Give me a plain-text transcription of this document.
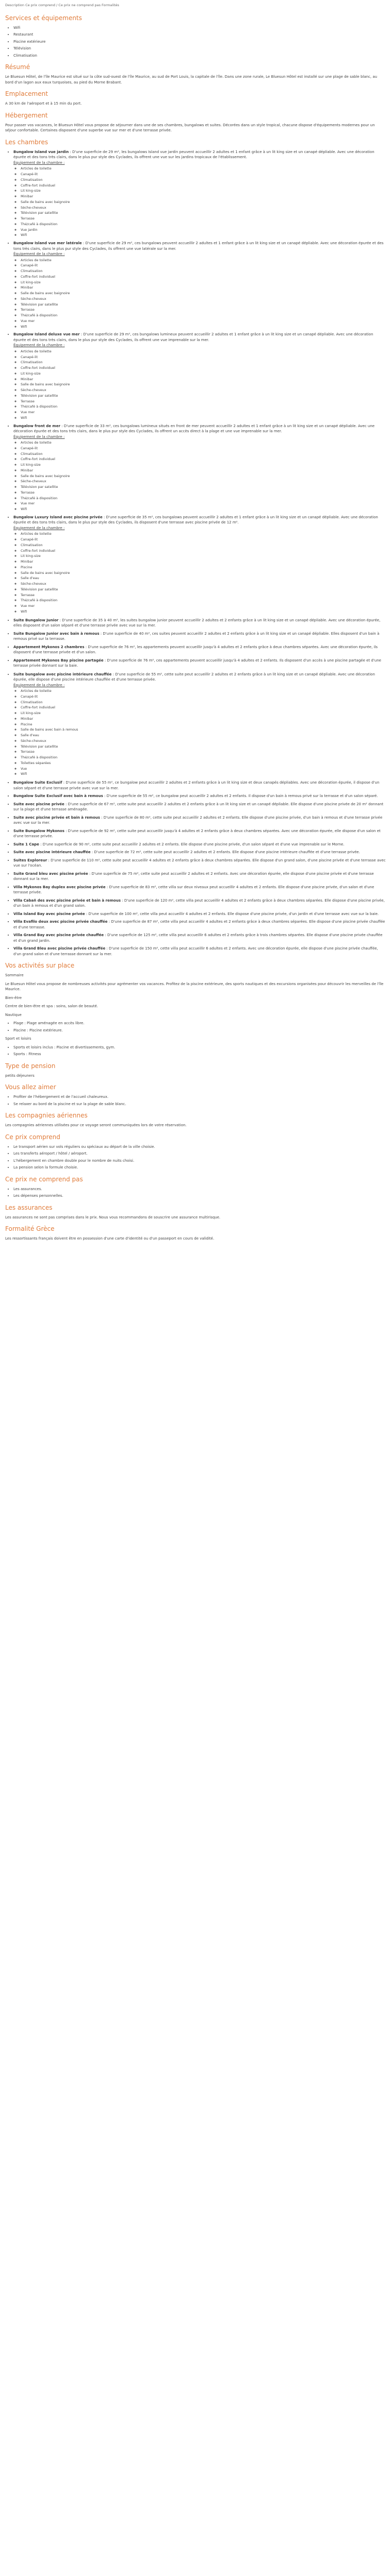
Description Ce prix comprend / Ce prix ne comprend pas Formalités
Services et équipements
• Wifi
• Restaurant
• Piscine extérieure
• Télévision
• Climatisation
Résumé

Le Bluesun Hôtel, de l'île Maurice est situé sur la côte sud-ouest de l'île Maurice, au sud de Port Louis, la capitale de l'île. Dans une zone rurale, Le Bluesun Hôtel est installé sur une plage de sable blanc, au bord d'un lagon aux eaux turquoises, au pied du Morne Brabant.

Emplacement

A 30 km de l'aéroport et à 15 min du port.

Hébergement

Pour passer vos vacances, le Bluesun Hôtel vous propose de séjourner dans une de ses chambres, bungalows et suites. Décorées dans un style tropical, chacune dispose d'équipements modernes pour un séjour confortable. Certaines disposent d'une superbe vue sur mer et d'une terrasse privée.

Les chambres
• Bungalow Island vue jardin : D'une superficie de 29 m², les bungalows Island vue jardin peuvent accueillir 2 adultes et 1 enfant grâce à un lit king size et un canapé dépliable. Avec une décoration épurée et des tons très clairs, dans le plus pur style des Cyclades, ils offrent une vue sur les jardins tropicaux de l'établissement.
Équipement de la chambre :
◦ Articles de toilette
◦ Canapé-lit
◦ Climatisation
◦ Coffre-fort individuel
◦ Lit king-size
◦ Minibar
◦ Salle de bains avec baignoire
◦ Sèche-cheveux
◦ Télévision par satellite
◦ Terrasse
◦ Thé/café à disposition
◦ Vue jardin
◦ Wifi
• Bungalow Island vue mer latérale : D'une superficie de 29 m², ces bungalows peuvent accueillir 2 adultes et 1 enfant grâce à un lit king size et un canapé dépliable. Avec une décoration épurée et des tons très clairs, dans le plus pur style des Cyclades, ils offrent une vue latérale sur la mer.
Équipement de la chambre :
◦ Articles de toilette
◦ Canapé-lit
◦ Climatisation
◦ Coffre-fort individuel
◦ Lit king-size
◦ Minibar
◦ Salle de bains avec baignoire
◦ Sèche-cheveux
◦ Télévision par satellite
◦ Terrasse
◦ Thé/café à disposition
◦ Vue mer
◦ Wifi
• Bungalow Island deluxe vue mer : D'une superficie de 29 m², ces bungalows lumineux peuvent accueillir 2 adultes et 1 enfant grâce à un lit king size et un canapé dépliable. Avec une décoration épurée et des tons très clairs, dans le plus pur style des Cyclades, ils offrent une vue imprenable sur la mer.
Équipement de la chambre :
◦ Articles de toilette
◦ Canapé-lit
◦ Climatisation
◦ Coffre-fort individuel
◦ Lit king-size
◦ Minibar
◦ Salle de bains avec baignoire
◦ Sèche-cheveux
◦ Télévision par satellite
◦ Terrasse
◦ Thé/café à disposition
◦ Vue mer
◦ Wifi
• Bungalow front de mer : D'une superficie de 33 m², ces bungalows lumineux situés en front de mer peuvent accueillir 2 adultes et 1 enfant grâce à un lit king size et un canapé dépliable. Avec une décoration épurée et des tons très clairs, dans le plus pur style des Cyclades, ils offrent un accès direct à la plage et une vue imprenable sur la mer.
Équipement de la chambre :
◦ Articles de toilette
◦ Canapé-lit
◦ Climatisation
◦ Coffre-fort individuel
◦ Lit king-size
◦ Minibar
◦ Salle de bains avec baignoire
◦ Sèche-cheveux
◦ Télévision par satellite
◦ Terrasse
◦ Thé/café à disposition
◦ Vue mer
◦ Wifi
• Bungalow Luxury Island avec piscine privée : D'une superficie de 35 m², ces bungalows peuvent accueillir 2 adultes et 1 enfant grâce à un lit king size et un canapé dépliable. Avec une décoration épurée et des tons très clairs, dans le plus pur style des Cyclades, ils disposent d'une terrasse avec piscine privée de 12 m².
Équipement de la chambre :
◦ Articles de toilette
◦ Canapé-lit
◦ Climatisation
◦ Coffre-fort individuel
◦ Lit king-size
◦ Minibar
◦ Piscine
◦ Salle de bains avec baignoire
◦ Salle d'eau
◦ Sèche-cheveux
◦ Télévision par satellite
◦ Terrasse
◦ Thé/café à disposition
◦ Vue mer
◦ Wifi
• Suite Bungalow Junior : D'une superficie de 35 à 40 m², les suites bungalow junior peuvent accueillir 2 adultes et 2 enfants grâce à un lit king size et un canapé dépliable. Avec une décoration épurée, elles disposent d'un salon séparé et d'une terrasse privée avec vue sur la mer.
• Suite Bungalow Junior avec bain à remous : D'une superficie de 40 m², ces suites peuvent accueillir 2 adultes et 2 enfants grâce à un lit king size et un canapé dépliable. Elles disposent d'un bain à remous privé sur la terrasse.
• Appartement Mykonos 2 chambres : D'une superficie de 76 m², les appartements peuvent accueillir jusqu'à 4 adultes et 2 enfants grâce à deux chambres séparées. Avec une décoration épurée, ils disposent d'une terrasse privée et d'un salon.
• Appartement Mykonos Bay piscine partagée : D'une superficie de 76 m², ces appartements peuvent accueillir jusqu'à 4 adultes et 2 enfants. Ils disposent d'un accès à une piscine partagée et d'une terrasse privée donnant sur la baie.
• Suite bungalow avec piscine intérieure chauffée : D'une superficie de 55 m², cette suite peut accueillir 2 adultes et 2 enfants grâce à un lit king size et un canapé dépliable. Avec une décoration épurée, elle dispose d'une piscine intérieure chauffée et d'une terrasse privée.
Équipement de la chambre :
◦ Articles de toilette
◦ Canapé-lit
◦ Climatisation
◦ Coffre-fort individuel
◦ Lit king-size
◦ Minibar
◦ Piscine
◦ Salle de bains avec bain à remous
◦ Salle d'eau
◦ Sèche-cheveux
◦ Télévision par satellite
◦ Terrasse
◦ Thé/café à disposition
◦ Toilettes séparées
◦ Vue
◦ Wifi
• Bungalow Suite Exclusif : D'une superficie de 55 m², ce bungalow peut accueillir 2 adultes et 2 enfants grâce à un lit king size et deux canapés dépliables. Avec une décoration épurée, il dispose d'un salon séparé et d'une terrasse privée avec vue sur la mer.
• Bungalow Suite Exclusif avec bain à remous : D'une superficie de 55 m², ce bungalow peut accueillir 2 adultes et 2 enfants. Il dispose d'un bain à remous privé sur la terrasse et d'un salon séparé.
• Suite avec piscine privée : D'une superficie de 67 m², cette suite peut accueillir 2 adultes et 2 enfants grâce à un lit king size et un canapé dépliable. Elle dispose d'une piscine privée de 20 m² donnant sur la plage et d'une terrasse aménagée.
• Suite avec piscine privée et bain à remous : D'une superficie de 80 m², cette suite peut accueillir 2 adultes et 2 enfants. Elle dispose d'une piscine privée, d'un bain à remous et d'une terrasse privée avec vue sur la mer.
• Suite Bungalow Mykonos : D'une superficie de 92 m², cette suite peut accueillir jusqu'à 4 adultes et 2 enfants grâce à deux chambres séparées. Avec une décoration épurée, elle dispose d'un salon et d'une terrasse privée.
• Suite 1 Cape : D'une superficie de 90 m², cette suite peut accueillir 2 adultes et 2 enfants. Elle dispose d'une piscine privée, d'un salon séparé et d'une vue imprenable sur le Morne.
• Suite avec piscine intérieure chauffée : D'une superficie de 72 m², cette suite peut accueillir 2 adultes et 2 enfants. Elle dispose d'une piscine intérieure chauffée et d'une terrasse privée.
• Suites Exploreur : D'une superficie de 110 m², cette suite peut accueillir 4 adultes et 2 enfants grâce à deux chambres séparées. Elle dispose d'un grand salon, d'une piscine privée et d'une terrasse avec vue sur l'océan.
• Suite Grand bleu avec piscine privée : D'une superficie de 75 m², cette suite peut accueillir 2 adultes et 2 enfants. Avec une décoration épurée, elle dispose d'une piscine privée et d'une terrasse donnant sur la mer.
• Villa Mykonos Bay duplex avec piscine privée : D'une superficie de 83 m², cette villa sur deux niveaux peut accueillir 4 adultes et 2 enfants. Elle dispose d'une piscine privée, d'un salon et d'une terrasse privée.
• Villa Cabañ des avec piscine privée et bain à remous : D'une superficie de 120 m², cette villa peut accueillir 4 adultes et 2 enfants grâce à deux chambres séparées. Elle dispose d'une piscine privée, d'un bain à remous et d'un grand salon.
• Villa Island Bay avec piscine privée : D'une superficie de 100 m², cette villa peut accueillir 4 adultes et 2 enfants. Elle dispose d'une piscine privée, d'un jardin et d'une terrasse avec vue sur la baie.
• Villa Evafilo deux avec piscine privée chauffée : D'une superficie de 87 m², cette villa peut accueillir 4 adultes et 2 enfants grâce à deux chambres séparées. Elle dispose d'une piscine privée chauffée et d'une terrasse.
• Villa Grand Bay avec piscine privée chauffée : D'une superficie de 125 m², cette villa peut accueillir 6 adultes et 2 enfants grâce à trois chambres séparées. Elle dispose d'une piscine privée chauffée et d'un grand jardin.
• Villa Grand Bleu avec piscine privée chauffée : D'une superficie de 150 m², cette villa peut accueillir 6 adultes et 2 enfants. Avec une décoration épurée, elle dispose d'une piscine privée chauffée, d'un grand salon et d'une terrasse donnant sur la mer.
Vos activités sur place

Sommaire

Le Bluesun Hôtel vous propose de nombreuses activités pour agrémenter vos vacances. Profitez de la piscine extérieure, des sports nautiques et des excursions organisées pour découvrir les merveilles de l'île Maurice.

Bien-être

Centre de bien-être et spa : soins, salon de beauté.

Nautique

• Plage : Plage aménagée en accès libre.
• Piscine : Piscine extérieure.

Sport et loisirs

• Sports et loisirs inclus : Piscine et divertissements, gym.
• Sports : Fitness
Type de pension

petits déjeuners

Vous allez aimer
• Profiter de l'hébergement et de l'accueil chaleureux.
• Se relaxer au bord de la piscine et sur la plage de sable blanc.
Les compagnies aériennes

Les compagnies aériennes utilisées pour ce voyage seront communiquées lors de votre réservation.

Ce prix comprend
• Le transport aérien sur vols réguliers ou spéciaux au départ de la ville choisie.
• Les transferts aéroport / hôtel / aéroport.
• L'hébergement en chambre double pour le nombre de nuits choisi.
• La pension selon la formule choisie.
Ce prix ne comprend pas
• Les assurances.
• Les dépenses personnelles.
Les assurances

Les assurances ne sont pas comprises dans le prix. Nous vous recommandons de souscrire une assurance multirisque.

Formalité Grèce

Les ressortissants français doivent être en possession d'une carte d'identité ou d'un passeport en cours de validité.
